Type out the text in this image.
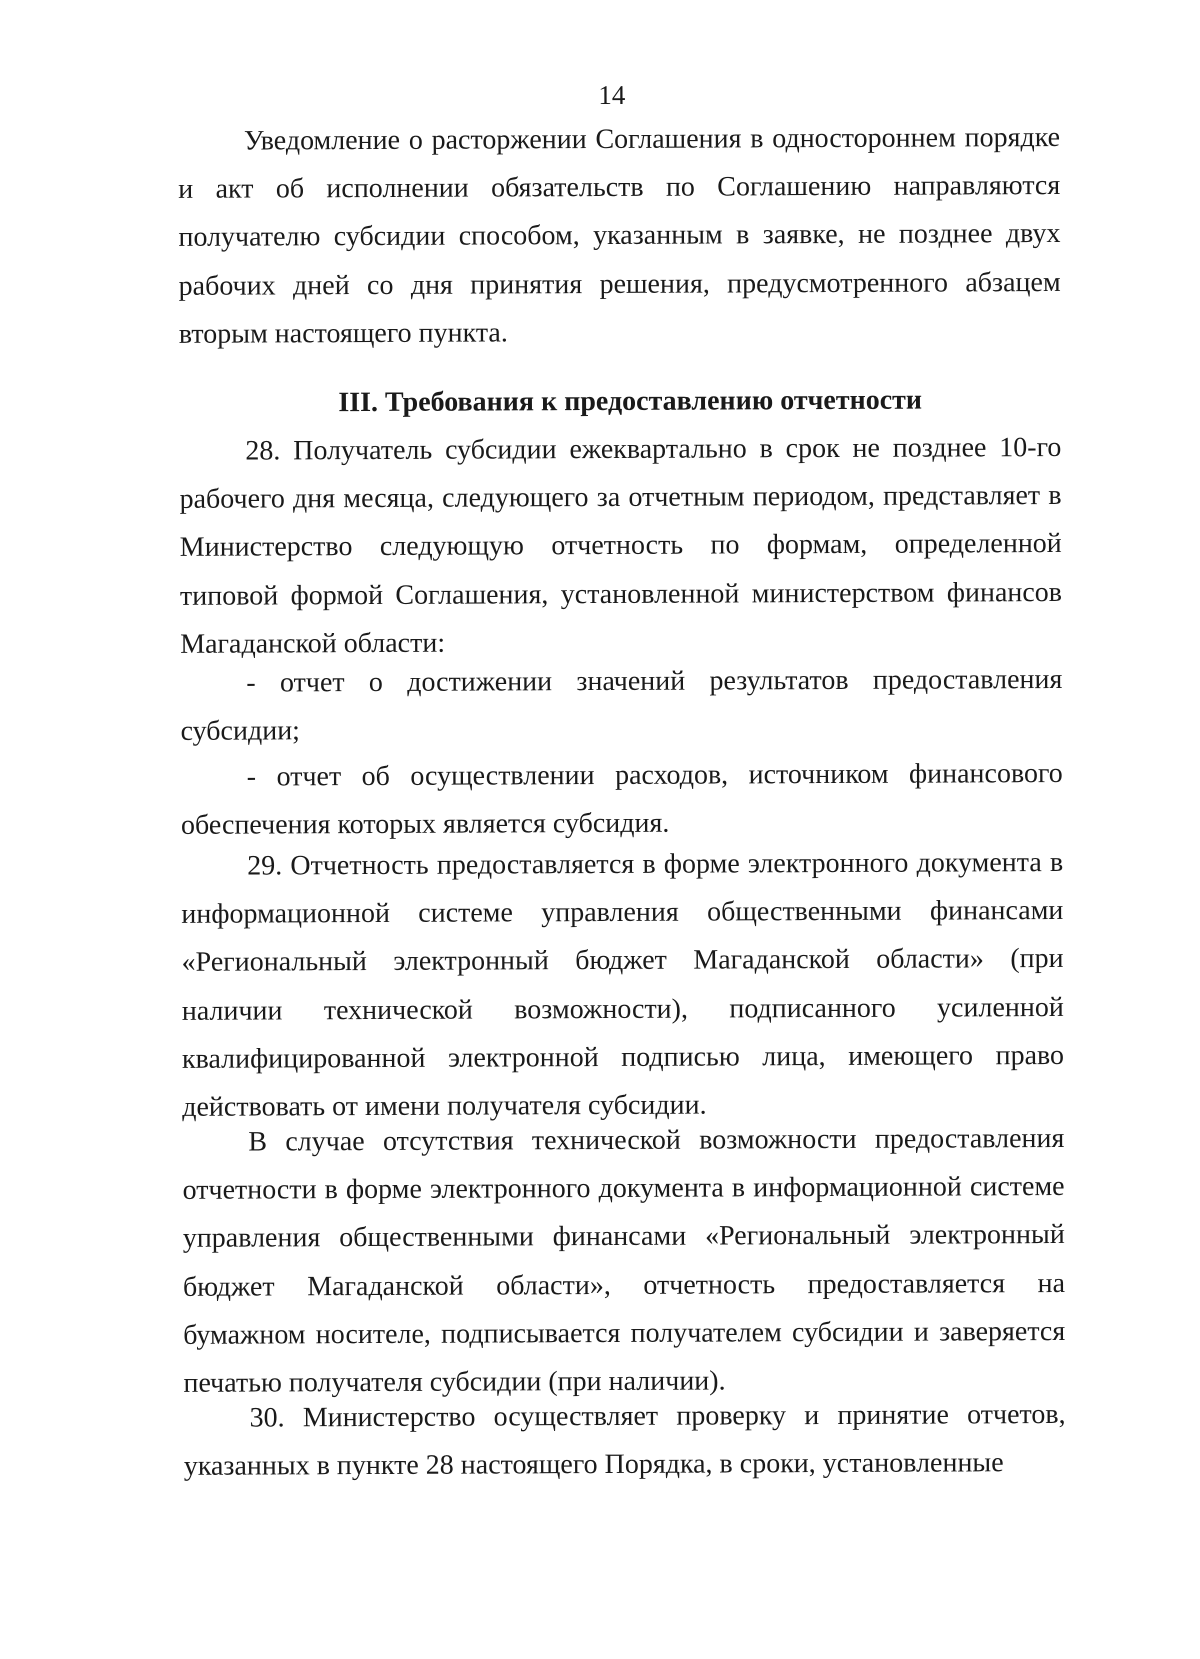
14

Уведомление о расторжении Соглашения в одностороннем порядке и акт об исполнении обязательств по Соглашению направляются получателю субсидии способом, указанным в заявке, не позднее двух рабочих дней со дня принятия решения, предусмотренного абзацем вторым настоящего пункта.

III. Требования к предоставлению отчетности

28. Получатель субсидии ежеквартально в срок не позднее 10-го рабочего дня месяца, следующего за отчетным периодом, представляет в Министерство следующую отчетность по формам, определенной типовой формой Соглашения, установленной министерством финансов Магаданской области:

- отчет о достижении значений результатов предоставления субсидии;

- отчет об осуществлении расходов, источником финансового обеспечения которых является субсидия.

29. Отчетность предоставляется в форме электронного документа в информационной системе управления общественными финансами «Региональный электронный бюджет Магаданской области» (при наличии технической возможности), подписанного усиленной квалифицированной электронной подписью лица, имеющего право действовать от имени получателя субсидии.

В случае отсутствия технической возможности предоставления отчетности в форме электронного документа в информационной системе управления общественными финансами «Региональный электронный бюджет Магаданской области», отчетность предоставляется на бумажном носителе, подписывается получателем субсидии и заверяется печатью получателя субсидии (при наличии).

30. Министерство осуществляет проверку и принятие отчетов, указанных в пункте 28 настоящего Порядка, в сроки, установленные
